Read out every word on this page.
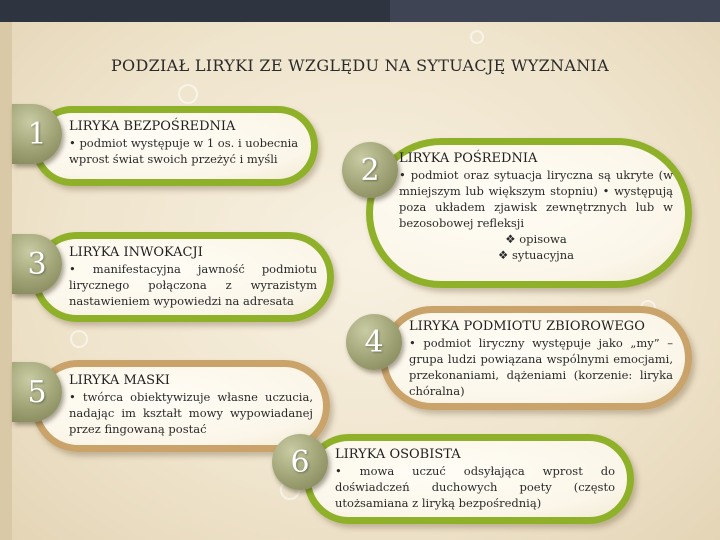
PODZIAŁ LIRYKI ZE WZGLĘDU NA SYTUACJĘ WYZNANIA
LIRYKA BEZPOŚREDNIA
• podmiot występuje w 1 os. i uobecnia wprost świat swoich przeżyć i myśli
1
LIRYKA POŚREDNIA
• podmiot oraz sytuacja liryczna są ukryte (w mniejszym lub większym stopniu) • występują poza układem zjawisk zewnętrznych lub w bezosobowej refleksji
❖ opisowa
❖ sytuacyjna
2
LIRYKA INWOKACJI
• manifestacyjna jawność podmiotu lirycznego połączona z wyrazistym nastawieniem wypowiedzi na adresata
3
LIRYKA PODMIOTU ZBIOROWEGO
• podmiot liryczny występuje jako „my” – grupa ludzi powiązana wspólnymi emocjami, przekonaniami, dążeniami (korzenie: liryka chóralna)
4
LIRYKA MASKI
• twórca obiektywizuje własne uczucia, nadając im kształt mowy wypowiadanej przez fingowaną postać
5
LIRYKA OSOBISTA
• mowa uczuć odsyłająca wprost do doświadczeń duchowych poety (często utożsamiana z liryką bezpośrednią)
6
